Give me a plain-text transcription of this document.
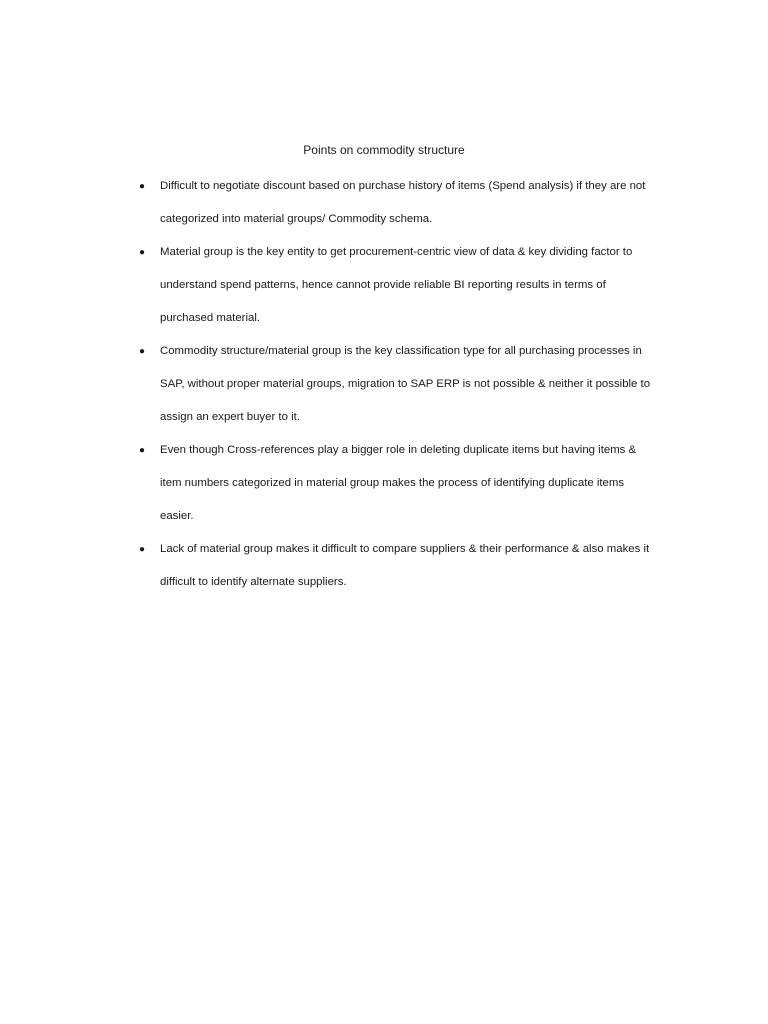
Points on commodity structure
● Difficult to negotiate discount based on purchase history of items (Spend analysis) if they are not categorized into material groups/ Commodity schema.
● Material group is the key entity to get procurement-centric view of data & key dividing factor to understand spend patterns, hence cannot provide reliable BI reporting results in terms of purchased material.
● Commodity structure/material group is the key classification type for all purchasing processes in SAP, without proper material groups, migration to SAP ERP is not possible & neither it possible to assign an expert buyer to it.
● Even though Cross-references play a bigger role in deleting duplicate items but having items & item numbers categorized in material group makes the process of identifying duplicate items easier.
● Lack of material group makes it difficult to compare suppliers & their performance & also makes it difficult to identify alternate suppliers.
